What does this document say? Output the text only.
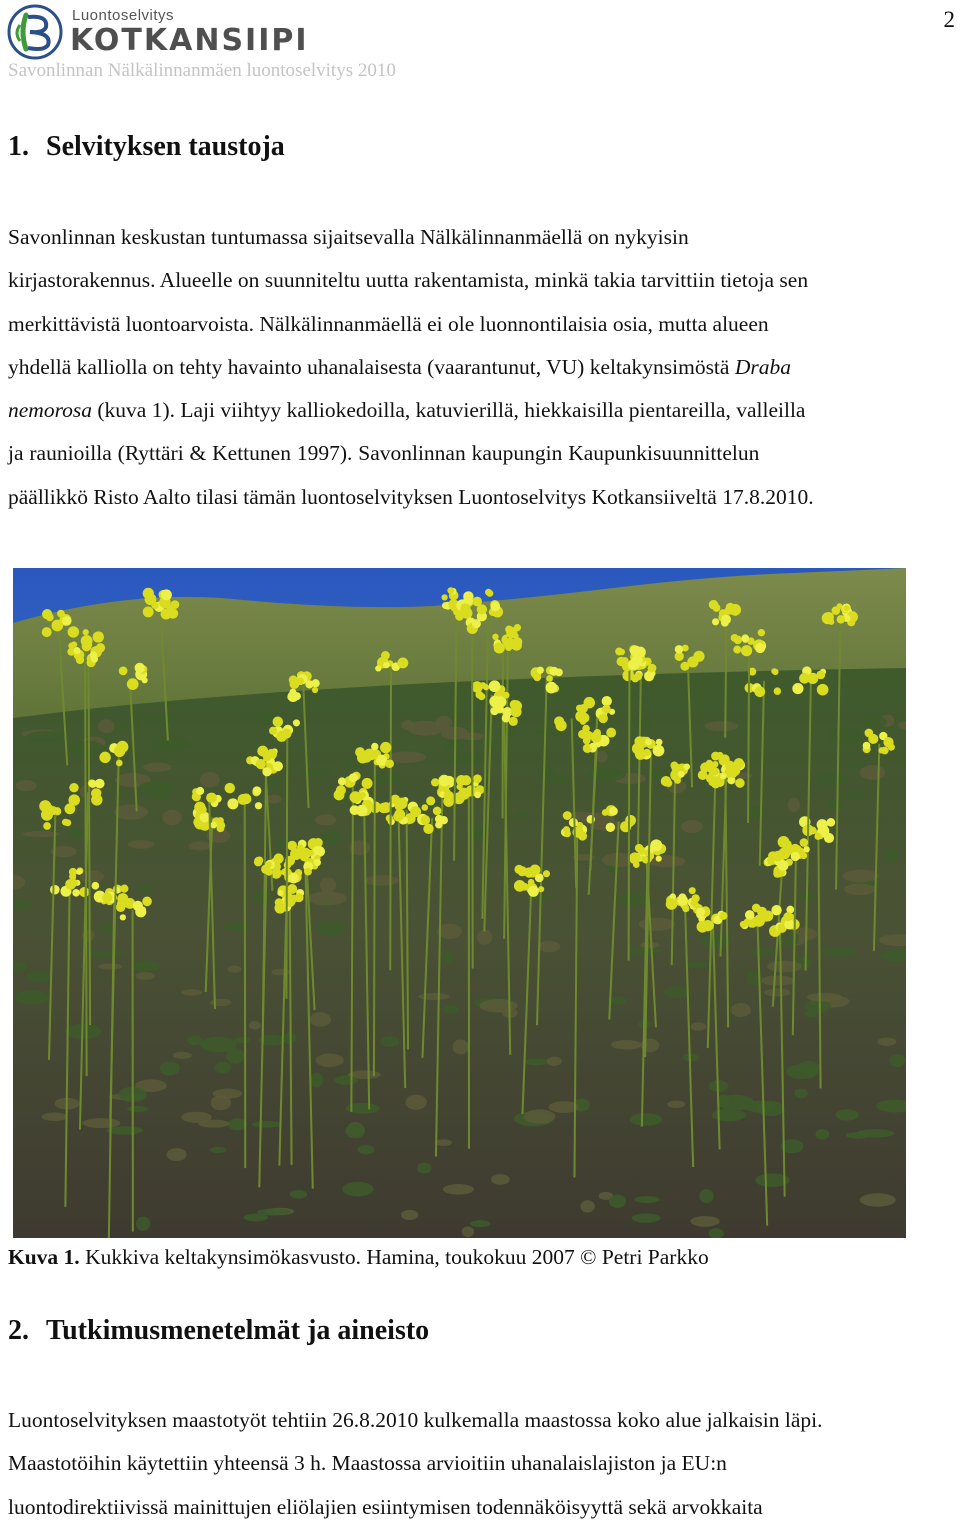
Luontoselvitys
KOTKANSIIPI
Savonlinnan Nälkälinnanmäen luontoselvitys 2010
2
1. Selvityksen taustoja

Savonlinnan keskustan tuntumassa sijaitsevalla Nälkälinnanmäellä on nykyisin
kirjastorakennus. Alueelle on suunniteltu uutta rakentamista, minkä takia tarvittiin tietoja sen
merkittävistä luontoarvoista. Nälkälinnanmäellä ei ole luonnontilaisia osia, mutta alueen
yhdellä kalliolla on tehty havainto uhanalaisesta (vaarantunut, VU) keltakynsimöstä Draba
nemorosa (kuva 1). Laji viihtyy kalliokedoilla, katuvierillä, hiekkaisilla pientareilla, valleilla
ja raunioilla (Ryttäri & Kettunen 1997). Savonlinnan kaupungin Kaupunkisuunnittelun
päällikkö Risto Aalto tilasi tämän luontoselvityksen Luontoselvitys Kotkansiiveltä 17.8.2010.

Kuva 1. Kukkiva keltakynsimökasvusto. Hamina, toukokuu 2007 © Petri Parkko
2. Tutkimusmenetelmät ja aineisto

Luontoselvityksen maastotyöt tehtiin 26.8.2010 kulkemalla maastossa koko alue jalkaisin läpi.
Maastotöihin käytettiin yhteensä 3 h. Maastossa arvioitiin uhanalaislajiston ja EU:n
luontodirektiivissä mainittujen eliölajien esiintymisen todennäköisyyttä sekä arvokkaita
